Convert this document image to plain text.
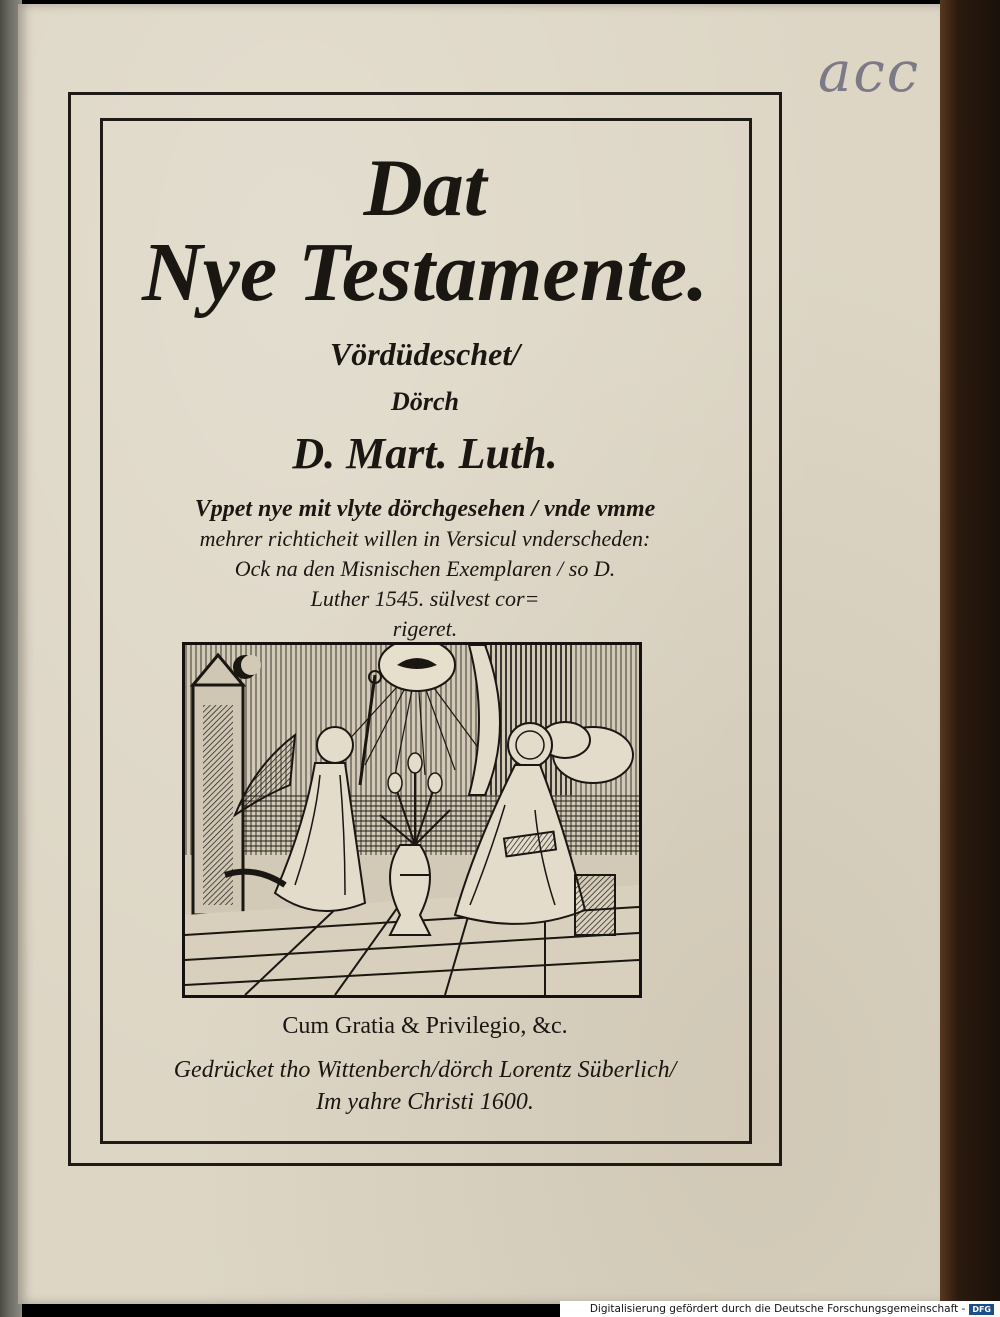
acc
Dat
Nye Testamente.
Vördüdeschet/
Dörch
D. Mart. Luth.
Vppet nye mit vlyte dörchgesehen / vnde vmme
mehrer richticheit willen in Versicul vnderscheden:
Ock na den Misnischen Exemplaren / so D.
Luther 1545. sülvest cor=
rigeret.
Cum Gratia & Privilegio, &c.
Gedrücket tho Wittenberch/dörch Lorentz Süberlich/
Im yahre Christi 1600.
Digitalisierung gefördert durch die Deutsche Forschungsgemeinschaft - DFG
